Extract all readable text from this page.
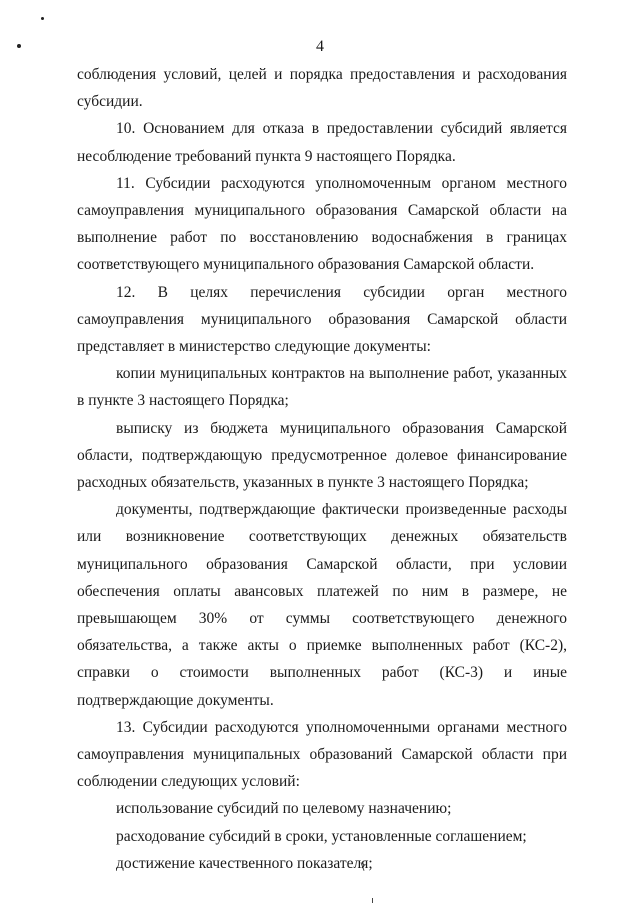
4

соблюдения условий, целей и порядка предоставления и расходования субсидии.

10. Основанием для отказа в предоставлении субсидий является несоблюдение требований пункта 9 настоящего Порядка.

11. Субсидии расходуются уполномоченным органом местного самоуправления муниципального образования Самарской области на выполнение работ по восстановлению водоснабжения в границах соответствующего муниципального образования Самарской области.

12. В целях перечисления субсидии орган местного самоуправления муниципального образования Самарской области представляет в министерство следующие документы:

копии муниципальных контрактов на выполнение работ, указанных в пункте 3 настоящего Порядка;

выписку из бюджета муниципального образования Самарской области, подтверждающую предусмотренное долевое финансирование расходных обязательств, указанных в пункте 3 настоящего Порядка;

документы, подтверждающие фактически произведенные расходы или возникновение соответствующих денежных обязательств муниципального образования Самарской области, при условии обеспечения оплаты авансовых платежей по ним в размере, не превышающем 30% от суммы соответствующего денежного обязательства, а также акты о приемке выполненных работ (КС-2), справки о стоимости выполненных работ (КС-3) и иные подтверждающие документы.

13. Субсидии расходуются уполномоченными органами местного самоуправления муниципальных образований Самарской области при соблюдении следующих условий:

использование субсидий по целевому назначению;

расходование субсидий в сроки, установленные соглашением;

достижение качественного показателя;
